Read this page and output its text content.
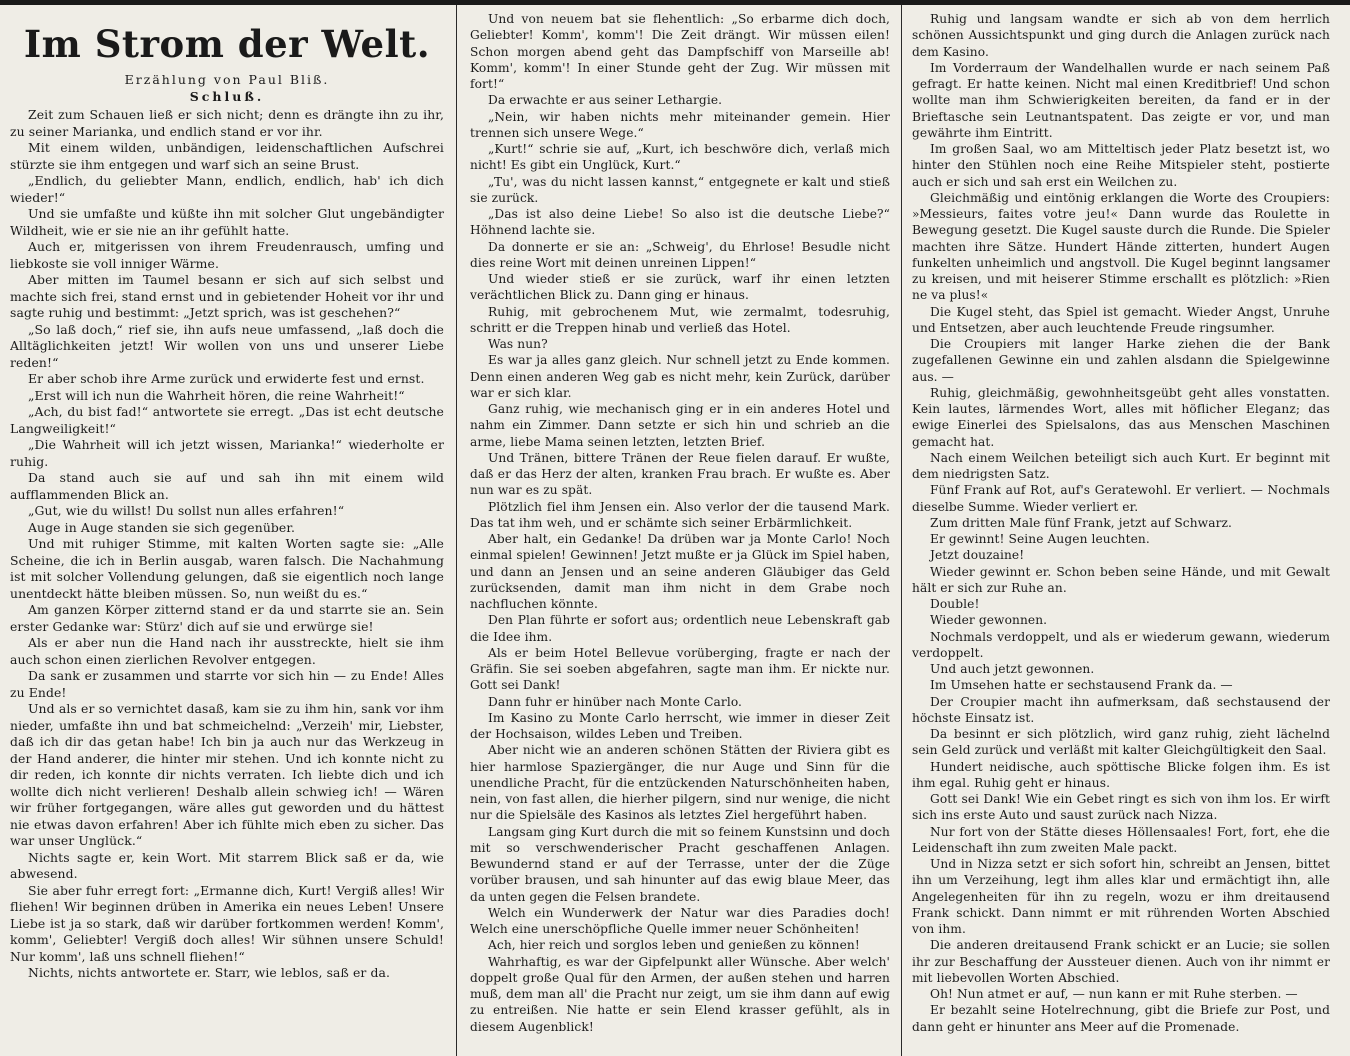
Im Strom der Welt.
Erzählung von Paul Bliß.
Schluß.

Zeit zum Schauen ließ er sich nicht; denn es drängte ihn zu ihr, zu seiner Marianka, und endlich stand er vor ihr.

Mit einem wilden, unbändigen, leidenschaftlichen Aufschrei stürzte sie ihm entgegen und warf sich an seine Brust.

„Endlich, du geliebter Mann, endlich, endlich, hab' ich dich wieder!“

Und sie umfaßte und küßte ihn mit solcher Glut ungebändigter Wildheit, wie er sie nie an ihr gefühlt hatte.

Auch er, mitgerissen von ihrem Freudenrausch, umfing und liebkoste sie voll inniger Wärme.

Aber mitten im Taumel besann er sich auf sich selbst und machte sich frei, stand ernst und in gebietender Hoheit vor ihr und sagte ruhig und bestimmt: „Jetzt sprich, was ist geschehen?“

„So laß doch,“ rief sie, ihn aufs neue umfassend, „laß doch die Alltäglichkeiten jetzt! Wir wollen von uns und unserer Liebe reden!“

Er aber schob ihre Arme zurück und erwiderte fest und ernst.

„Erst will ich nun die Wahrheit hören, die reine Wahrheit!“

„Ach, du bist fad!“ antwortete sie erregt. „Das ist echt deutsche Langweiligkeit!“

„Die Wahrheit will ich jetzt wissen, Marianka!“ wiederholte er ruhig.

Da stand auch sie auf und sah ihn mit einem wild aufflammenden Blick an.

„Gut, wie du willst! Du sollst nun alles erfahren!“

Auge in Auge standen sie sich gegenüber.

Und mit ruhiger Stimme, mit kalten Worten sagte sie: „Alle Scheine, die ich in Berlin ausgab, waren falsch. Die Nachahmung ist mit solcher Vollendung gelungen, daß sie eigentlich noch lange unentdeckt hätte bleiben müssen. So, nun weißt du es.“

Am ganzen Körper zitternd stand er da und starrte sie an. Sein erster Gedanke war: Stürz' dich auf sie und erwürge sie!

Als er aber nun die Hand nach ihr ausstreckte, hielt sie ihm auch schon einen zierlichen Revolver entgegen.

Da sank er zusammen und starrte vor sich hin — zu Ende! Alles zu Ende!

Und als er so vernichtet dasaß, kam sie zu ihm hin, sank vor ihm nieder, umfaßte ihn und bat schmeichelnd: „Verzeih' mir, Liebster, daß ich dir das getan habe! Ich bin ja auch nur das Werkzeug in der Hand anderer, die hinter mir stehen. Und ich konnte nicht zu dir reden, ich konnte dir nichts verraten. Ich liebte dich und ich wollte dich nicht verlieren! Deshalb allein schwieg ich! — Wären wir früher fortgegangen, wäre alles gut geworden und du hättest nie etwas davon erfahren! Aber ich fühlte mich eben zu sicher. Das war unser Unglück.“

Nichts sagte er, kein Wort. Mit starrem Blick saß er da, wie abwesend.

Sie aber fuhr erregt fort: „Ermanne dich, Kurt! Vergiß alles! Wir fliehen! Wir beginnen drüben in Amerika ein neues Leben! Unsere Liebe ist ja so stark, daß wir darüber fortkommen werden! Komm', komm', Geliebter! Vergiß doch alles! Wir sühnen unsere Schuld! Nur komm', laß uns schnell fliehen!“

Nichts, nichts antwortete er. Starr, wie leblos, saß er da.

Und von neuem bat sie flehentlich: „So erbarme dich doch, Geliebter! Komm', komm'! Die Zeit drängt. Wir müssen eilen! Schon morgen abend geht das Dampfschiff von Marseille ab! Komm', komm'! In einer Stunde geht der Zug. Wir müssen mit fort!“

Da erwachte er aus seiner Lethargie.

„Nein, wir haben nichts mehr miteinander gemein. Hier trennen sich unsere Wege.“

„Kurt!“ schrie sie auf, „Kurt, ich beschwöre dich, verlaß mich nicht! Es gibt ein Unglück, Kurt.“

„Tu', was du nicht lassen kannst,“ entgegnete er kalt und stieß sie zurück.

„Das ist also deine Liebe! So also ist die deutsche Liebe?“ Höhnend lachte sie.

Da donnerte er sie an: „Schweig', du Ehrlose! Besudle nicht dies reine Wort mit deinen unreinen Lippen!“

Und wieder stieß er sie zurück, warf ihr einen letzten verächtlichen Blick zu. Dann ging er hinaus.

Ruhig, mit gebrochenem Mut, wie zermalmt, todesruhig, schritt er die Treppen hinab und verließ das Hotel.

Was nun?

Es war ja alles ganz gleich. Nur schnell jetzt zu Ende kommen. Denn einen anderen Weg gab es nicht mehr, kein Zurück, darüber war er sich klar.

Ganz ruhig, wie mechanisch ging er in ein anderes Hotel und nahm ein Zimmer. Dann setzte er sich hin und schrieb an die arme, liebe Mama seinen letzten, letzten Brief.

Und Tränen, bittere Tränen der Reue fielen darauf. Er wußte, daß er das Herz der alten, kranken Frau brach. Er wußte es. Aber nun war es zu spät.

Plötzlich fiel ihm Jensen ein. Also verlor der die tausend Mark. Das tat ihm weh, und er schämte sich seiner Erbärmlichkeit.

Aber halt, ein Gedanke! Da drüben war ja Monte Carlo! Noch einmal spielen! Gewinnen! Jetzt mußte er ja Glück im Spiel haben, und dann an Jensen und an seine anderen Gläubiger das Geld zurücksenden, damit man ihm nicht in dem Grabe noch nachfluchen könnte.

Den Plan führte er sofort aus; ordentlich neue Lebenskraft gab die Idee ihm.

Als er beim Hotel Bellevue vorüberging, fragte er nach der Gräfin. Sie sei soeben abgefahren, sagte man ihm. Er nickte nur. Gott sei Dank!

Dann fuhr er hinüber nach Monte Carlo.

Im Kasino zu Monte Carlo herrscht, wie immer in dieser Zeit der Hochsaison, wildes Leben und Treiben.

Aber nicht wie an anderen schönen Stätten der Riviera gibt es hier harmlose Spaziergänger, die nur Auge und Sinn für die unendliche Pracht, für die entzückenden Naturschönheiten haben, nein, von fast allen, die hierher pilgern, sind nur wenige, die nicht nur die Spielsäle des Kasinos als letztes Ziel hergeführt haben.

Langsam ging Kurt durch die mit so feinem Kunstsinn und doch mit so verschwenderischer Pracht geschaffenen Anlagen. Bewundernd stand er auf der Terrasse, unter der die Züge vorüber brausen, und sah hinunter auf das ewig blaue Meer, das da unten gegen die Felsen brandete.

Welch ein Wunderwerk der Natur war dies Paradies doch! Welch eine unerschöpfliche Quelle immer neuer Schönheiten!

Ach, hier reich und sorglos leben und genießen zu können!

Wahrhaftig, es war der Gipfelpunkt aller Wünsche. Aber welch' doppelt große Qual für den Armen, der außen stehen und harren muß, dem man all' die Pracht nur zeigt, um sie ihm dann auf ewig zu entreißen. Nie hatte er sein Elend krasser gefühlt, als in diesem Augenblick!

Ruhig und langsam wandte er sich ab von dem herrlich schönen Aussichtspunkt und ging durch die Anlagen zurück nach dem Kasino.

Im Vorderraum der Wandelhallen wurde er nach seinem Paß gefragt. Er hatte keinen. Nicht mal einen Kreditbrief! Und schon wollte man ihm Schwierigkeiten bereiten, da fand er in der Brieftasche sein Leutnantspatent. Das zeigte er vor, und man gewährte ihm Eintritt.

Im großen Saal, wo am Mitteltisch jeder Platz besetzt ist, wo hinter den Stühlen noch eine Reihe Mitspieler steht, postierte auch er sich und sah erst ein Weilchen zu.

Gleichmäßig und eintönig erklangen die Worte des Croupiers: »Messieurs, faites votre jeu!« Dann wurde das Roulette in Bewegung gesetzt. Die Kugel sauste durch die Runde. Die Spieler machten ihre Sätze. Hundert Hände zitterten, hundert Augen funkelten unheimlich und angstvoll. Die Kugel beginnt langsamer zu kreisen, und mit heiserer Stimme erschallt es plötzlich: »Rien ne va plus!«

Die Kugel steht, das Spiel ist gemacht. Wieder Angst, Unruhe und Entsetzen, aber auch leuchtende Freude ringsumher.

Die Croupiers mit langer Harke ziehen die der Bank zugefallenen Gewinne ein und zahlen alsdann die Spielgewinne aus. —

Ruhig, gleichmäßig, gewohnheitsgeübt geht alles vonstatten. Kein lautes, lärmendes Wort, alles mit höflicher Eleganz; das ewige Einerlei des Spielsalons, das aus Menschen Maschinen gemacht hat.

Nach einem Weilchen beteiligt sich auch Kurt. Er beginnt mit dem niedrigsten Satz.

Fünf Frank auf Rot, auf's Geratewohl. Er verliert. — Nochmals dieselbe Summe. Wieder verliert er.

Zum dritten Male fünf Frank, jetzt auf Schwarz.

Er gewinnt! Seine Augen leuchten.

Jetzt douzaine!

Wieder gewinnt er. Schon beben seine Hände, und mit Gewalt hält er sich zur Ruhe an.

Double!

Wieder gewonnen.

Nochmals verdoppelt, und als er wiederum gewann, wiederum verdoppelt.

Und auch jetzt gewonnen.

Im Umsehen hatte er sechstausend Frank da. —

Der Croupier macht ihn aufmerksam, daß sechstausend der höchste Einsatz ist.

Da besinnt er sich plötzlich, wird ganz ruhig, zieht lächelnd sein Geld zurück und verläßt mit kalter Gleichgültigkeit den Saal.

Hundert neidische, auch spöttische Blicke folgen ihm. Es ist ihm egal. Ruhig geht er hinaus.

Gott sei Dank! Wie ein Gebet ringt es sich von ihm los. Er wirft sich ins erste Auto und saust zurück nach Nizza.

Nur fort von der Stätte dieses Höllensaales! Fort, fort, ehe die Leidenschaft ihn zum zweiten Male packt.

Und in Nizza setzt er sich sofort hin, schreibt an Jensen, bittet ihn um Verzeihung, legt ihm alles klar und ermächtigt ihn, alle Angelegenheiten für ihn zu regeln, wozu er ihm dreitausend Frank schickt. Dann nimmt er mit rührenden Worten Abschied von ihm.

Die anderen dreitausend Frank schickt er an Lucie; sie sollen ihr zur Beschaffung der Aussteuer dienen. Auch von ihr nimmt er mit liebevollen Worten Abschied.

Oh! Nun atmet er auf, — nun kann er mit Ruhe sterben. —

Er bezahlt seine Hotelrechnung, gibt die Briefe zur Post, und dann geht er hinunter ans Meer auf die Promenade.
